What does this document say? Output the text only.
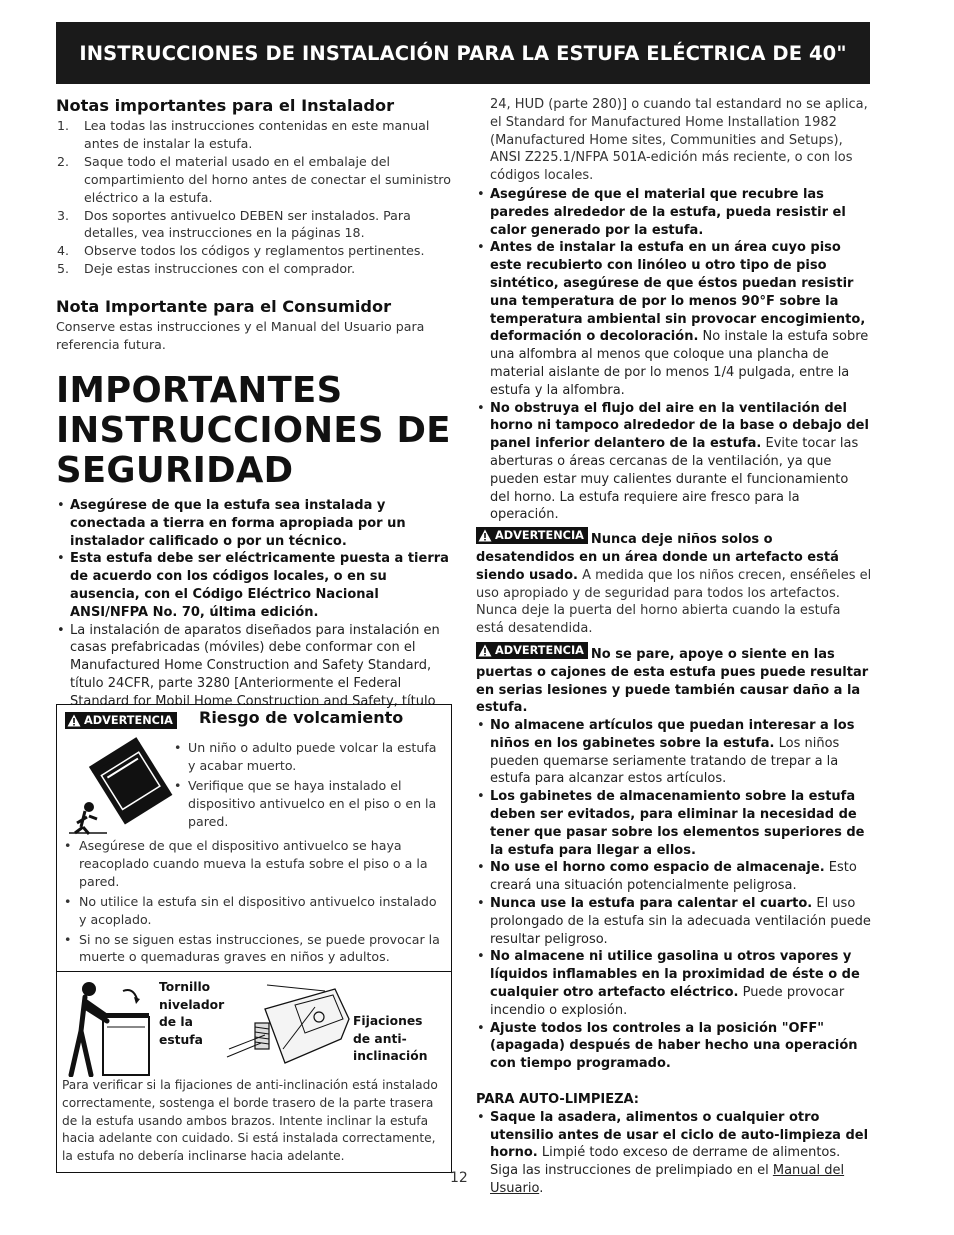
INSTRUCCIONES DE INSTALACIÓN PARA LA ESTUFA ELÉCTRICA DE 40"
Notas importantes para el Instalador
1. Lea todas las instrucciones contenidas en este manual antes de instalar la estufa.
2. Saque todo el material usado en el embalaje del compartimiento del horno antes de conectar el suministro eléctrico a la estufa.
3. Dos soportes antivuelco DEBEN ser instalados. Para detalles, vea instrucciones en la páginas 18.
4. Observe todos los códigos y reglamentos pertinentes.
5. Deje estas instrucciones con el comprador.
Nota Importante para el Consumidor
Conserve estas instrucciones y el Manual del Usuario para referencia futura.
IMPORTANTES
INSTRUCCIONES DE
SEGURIDAD
• Asegúrese de que la estufa sea instalada y conectada a tierra en forma apropiada por un instalador calificado o por un técnico.
• Esta estufa debe ser eléctricamente puesta a tierra de acuerdo con los códigos locales, o en su ausencia, con el Código Eléctrico Nacional ANSI/NFPA No. 70, última edición.
• La instalación de aparatos diseñados para instalación en casas prefabricadas (móviles) debe conformar con el Manufactured Home Construction and Safety Standard, título 24CFR, parte 3280 [Anteriormente el Federal Standard for Mobil Home Construction and Safety, título
ADVERTENCIA Riesgo de volcamiento
• Un niño o adulto puede volcar la estufa y acabar muerto.
• Verifique que se haya instalado el dispositivo antivuelco en el piso o en la pared.
• Asegúrese de que el dispositivo antivuelco se haya reacoplado cuando mueva la estufa sobre el piso o a la pared.
• No utilice la estufa sin el dispositivo antivuelco instalado y acoplado.
• Si no se siguen estas instrucciones, se puede provocar la muerte o quemaduras graves en niños y adultos.
Tornillo
nivelador
de la
estufa
Fijaciones
de anti-
inclinación
Para verificar si la fijaciones de anti-inclinación está instalado correctamente, sostenga el borde trasero de la parte trasera de la estufa usando ambos brazos. Intente inclinar la estufa hacia adelante con cuidado. Si está instalada correctamente, la estufa no debería inclinarse hacia adelante.
24, HUD (parte 280)] o cuando tal estandard no se aplica, el Standard for Manufactured Home Installation 1982 (Manufactured Home sites, Communities and Setups), ANSI Z225.1/NFPA 501A-edición más reciente, o con los códigos locales.
• Asegúrese de que el material que recubre las paredes alrededor de la estufa, pueda resistir el calor generado por la estufa.
• Antes de instalar la estufa en un área cuyo piso este recubierto con linóleo u otro tipo de piso sintético, asegúrese de que éstos puedan resistir una temperatura de por lo menos 90°F sobre la temperatura ambiental sin provocar encogimiento, deformación o decoloración. No instale la estufa sobre una alfombra al menos que coloque una plancha de material aislante de por lo menos 1/4 pulgada, entre la estufa y la alfombra.
• No obstruya el flujo del aire en la ventilación del horno ni tampoco alrededor de la base o debajo del panel inferior delantero de la estufa. Evite tocar las aberturas o áreas cercanas de la ventilación, ya que pueden estar muy calientes durante el funcionamiento del horno. La estufa requiere aire fresco para la operación.
ADVERTENCIA Nunca deje niños solos o desatendidos en un área donde un artefacto está siendo usado. A medida que los niños crecen, enséñeles el uso apropiado y de seguridad para todos los artefactos. Nunca deje la puerta del horno abierta cuando la estufa está desatendida.
ADVERTENCIA No se pare, apoye o siente en las puertas o cajones de esta estufa pues puede resultar en serias lesiones y puede también causar daño a la estufa.
• No almacene artículos que puedan interesar a los niños en los gabinetes sobre la estufa. Los niños pueden quemarse seriamente tratando de trepar a la estufa para alcanzar estos artículos.
• Los gabinetes de almacenamiento sobre la estufa deben ser evitados, para eliminar la necesidad de tener que pasar sobre los elementos superiores de la estufa para llegar a ellos.
• No use el horno como espacio de almacenaje. Esto creará una situación potencialmente peligrosa.
• Nunca use la estufa para calentar el cuarto. El uso prolongado de la estufa sin la adecuada ventilación puede resultar peligroso.
• No almacene ni utilice gasolina u otros vapores y líquidos inflamables en la proximidad de éste o de cualquier otro artefacto eléctrico. Puede provocar incendio o explosión.
• Ajuste todos los controles a la posición "OFF" (apagada) después de haber hecho una operación con tiempo programado.
PARA AUTO-LIMPIEZA:
• Saque la asadera, alimentos o cualquier otro utensilio antes de usar el ciclo de auto-limpieza del horno. Limpié todo exceso de derrame de alimentos. Siga las instrucciones de prelimpiado en el Manual del Usuario.
12
